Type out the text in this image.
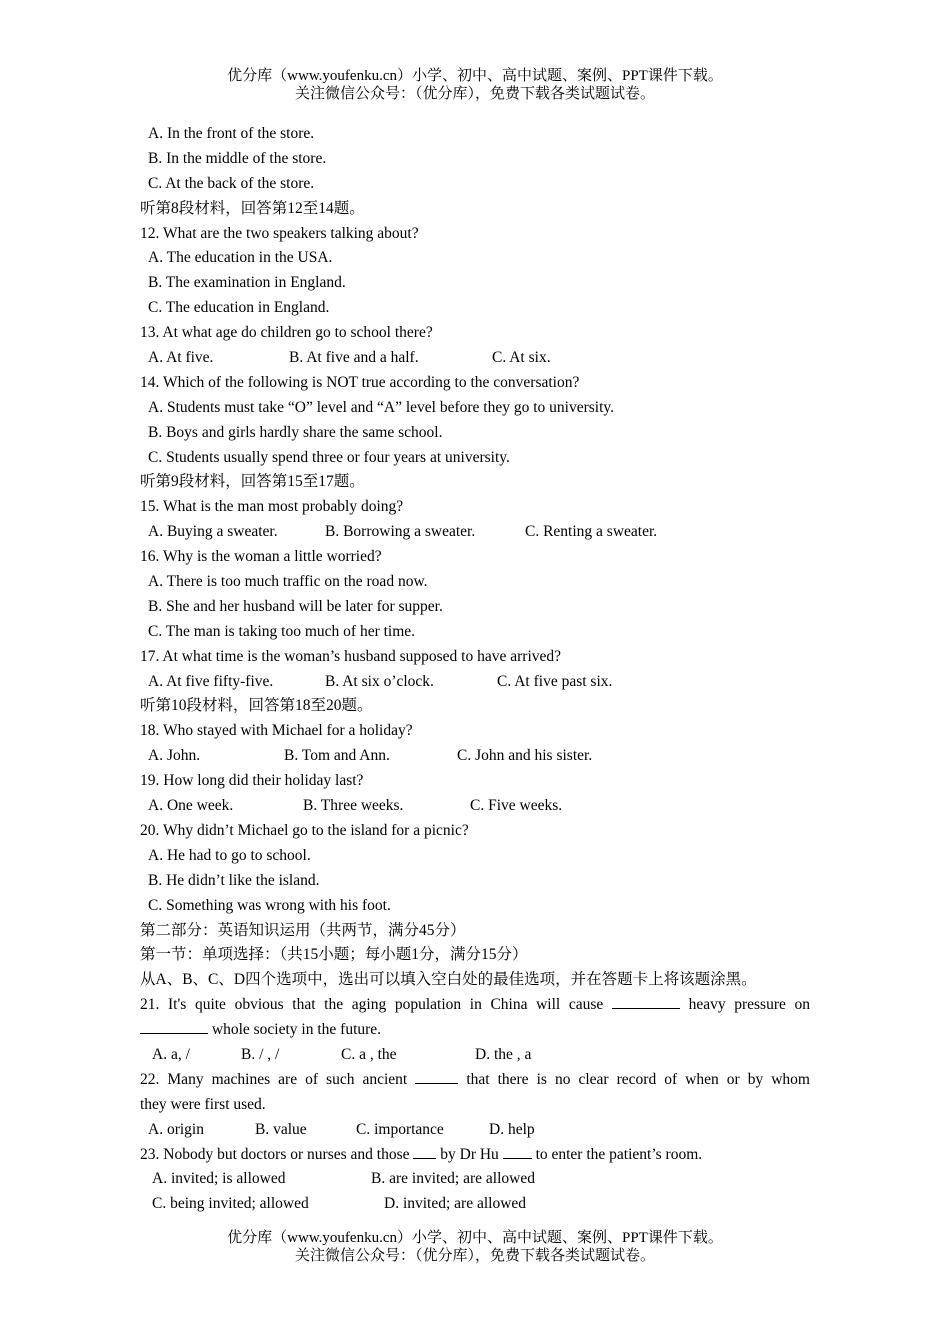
优分库（www.youfenku.cn）小学、初中、高中试题、案例、PPT课件下载。
关注微信公众号：（优分库），免费下载各类试题试卷。
A. In the front of the store.
B. In the middle of the store.
C. At the back of the store.
听第8段材料，回答第12至14题。
12. What are the two speakers talking about?
A. The education in the USA.
B. The examination in England.
C. The education in England.
13. At what age do children go to school there?
A. At five.	B. At five and a half.	C. At six.
14. Which of the following is NOT true according to the conversation?
A. Students must take “O” level and “A” level before they go to university.
B. Boys and girls hardly share the same school.
C. Students usually spend three or four years at university.
听第9段材料，回答第15至17题。
15. What is the man most probably doing?
A. Buying a sweater.	B. Borrowing a sweater.	C. Renting a sweater.
16. Why is the woman a little worried?
A. There is too much traffic on the road now.
B. She and her husband will be later for supper.
C. The man is taking too much of her time.
17. At what time is the woman’s husband supposed to have arrived?
A. At five fifty-five.	B. At six o’clock.	C. At five past six.
听第10段材料，回答第18至20题。
18. Who stayed with Michael for a holiday?
A. John.	B. Tom and Ann.	C. John and his sister.
19. How long did their holiday last?
A. One week.	B. Three weeks.	C. Five weeks.
20. Why didn’t Michael go to the island for a picnic?
A. He had to go to school.
B. He didn’t like the island.
C. Something was wrong with his foot.
第二部分：英语知识运用（共两节，满分45分）
第一节：单项选择：（共15小题；每小题1分，满分15分）
从A、B、C、D四个选项中，选出可以填入空白处的最佳选项，并在答题卡上将该题涂黑。
21. It's quite obvious that the aging population in China will cause	heavy pressure on
whole society in the future.
A. a, /	B. / , /	C. a , the	D. the , a
22. Many machines are of such ancient	that there is no clear record of when or by whom
they were first used.
A. origin	B. value	C. importance	D. help
23. Nobody but doctors or nurses and those by Dr Hu to enter the patient’s room.
A. invited; is allowed	B. are invited; are allowed
C. being invited; allowed	D. invited; are allowed
优分库（www.youfenku.cn）小学、初中、高中试题、案例、PPT课件下载。
关注微信公众号：（优分库），免费下载各类试题试卷。
